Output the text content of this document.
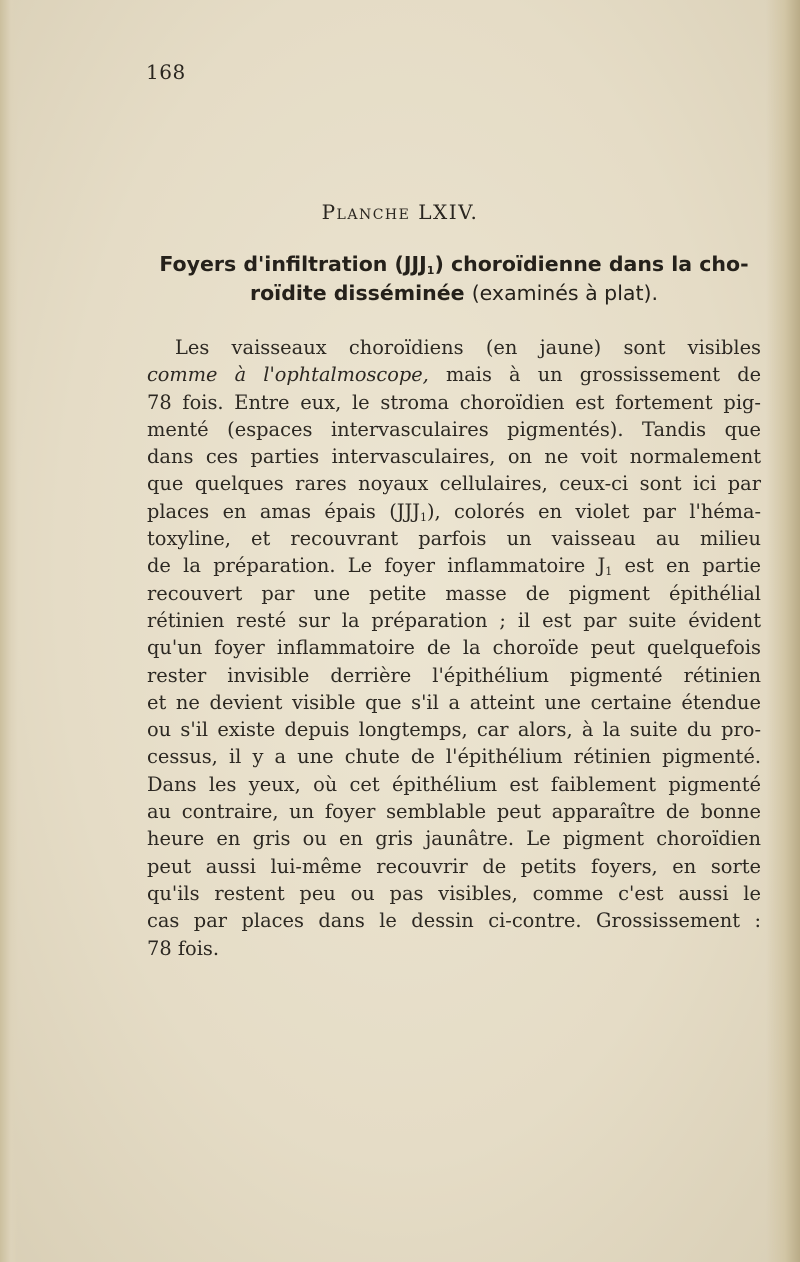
168
Planche LXIV.
Foyers d'infiltration $(JJJ_1)$ choroïdienne dans la cho-
roïdite disséminée (examinés à plat).
Les vaisseaux choroïdiens (en jaune) sont visibles
comme à l'ophtalmoscope, mais à un grossissement de
78 fois. Entre eux, le stroma choroïdien est fortement pig-
menté (espaces intervasculaires pigmentés). Tandis que
dans ces parties intervasculaires, on ne voit normalement
que quelques rares noyaux cellulaires, ceux-ci sont ici par
places en amas épais $(JJJ_1)$, colorés en violet par l'héma-
toxyline, et recouvrant parfois un vaisseau au milieu
de la préparation. Le foyer inflammatoire $J_1$ est en partie
recouvert par une petite masse de pigment épithélial
rétinien resté sur la préparation ; il est par suite évident
qu'un foyer inflammatoire de la choroïde peut quelquefois
rester invisible derrière l'épithélium pigmenté rétinien
et ne devient visible que s'il a atteint une certaine étendue
ou s'il existe depuis longtemps, car alors, à la suite du pro-
cessus, il y a une chute de l'épithélium rétinien pigmenté.
Dans les yeux, où cet épithélium est faiblement pigmenté
au contraire, un foyer semblable peut apparaître de bonne
heure en gris ou en gris jaunâtre. Le pigment choroïdien
peut aussi lui-même recouvrir de petits foyers, en sorte
qu'ils restent peu ou pas visibles, comme c'est aussi le
cas par places dans le dessin ci-contre. Grossissement :
78 fois.
